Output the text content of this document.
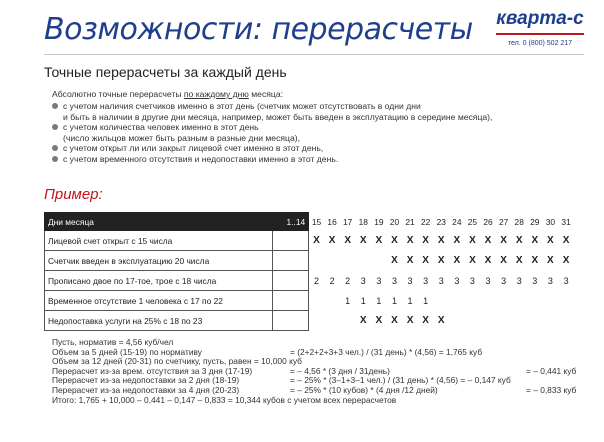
Возможности: перерасчеты	кварта-с
тел. 0 (800) 502 217
Точные перерасчеты за каждый день
Абсолютно точные перерасчеты по каждому дню месяца:
с учетом наличия счетчиков именно в этот день (счетчик может отсутствовать в одни дни
и быть в наличии в другие дни месяца, например, может быть введен в эксплуатацию в середине месяца),
с учетом количества человек именно в этот день
(число жильцов может быть разным в разные дни месяца),
с учетом открыт ли или закрыт лицевой счет именно в этот день,
с учетом временного отсутствия и недопоставки именно в этот день.
Пример:
Дни месяца	1..14	15	16	17	18	19	20	21	22	23	24	25	26	27	28	29	30	31
Лицевой счет открыт с 15 числа		X	X	X	X	X	X	X	X	X	X	X	X	X	X	X	X	X
Счетчик введен в эксплуатацию 20 числа							X	X	X	X	X	X	X	X	X	X	X	X
Прописано двое по 17-тое, трое с 18 числа		2	2	2	3	3	3	3	3	3	3	3	3	3	3	3	3	3
Временное отсутствие 1 человека с 17 по 22				1	1	1	1	1	1									
Недопоставка услуги на 25% с 18 по 23					X	X	X	X	X	X								
Пусть, норматив = 4,56 куб/чел
Объем за 5 дней (15-19) по нормативу	= (2+2+2+3+3 чел.) / (31 день) * (4,56) = 1,765 куб
Объем за 12 дней (20-31) по счетчику, пусть, равен = 10,000 куб
Перерасчет из-за врем. отсутствия за 3 дня (17-19)	= – 4,56 * (3 дня / 31день)	= – 0,441 куб
Перерасчет из-за недопоставки за 2 дня (18-19)	= – 25% * (3–1+3–1 чел.) / (31 день) * (4,56) = – 0,147 куб
Перерасчет из-за недопоставки за 4 дня (20-23)	= – 25% * (10 кубов) * (4 дня /12 дней)	= – 0,833 куб
Итого: 1,765 + 10,000 – 0,441 – 0,147 – 0,833 = 10,344 кубов с учетом всех перерасчетов
